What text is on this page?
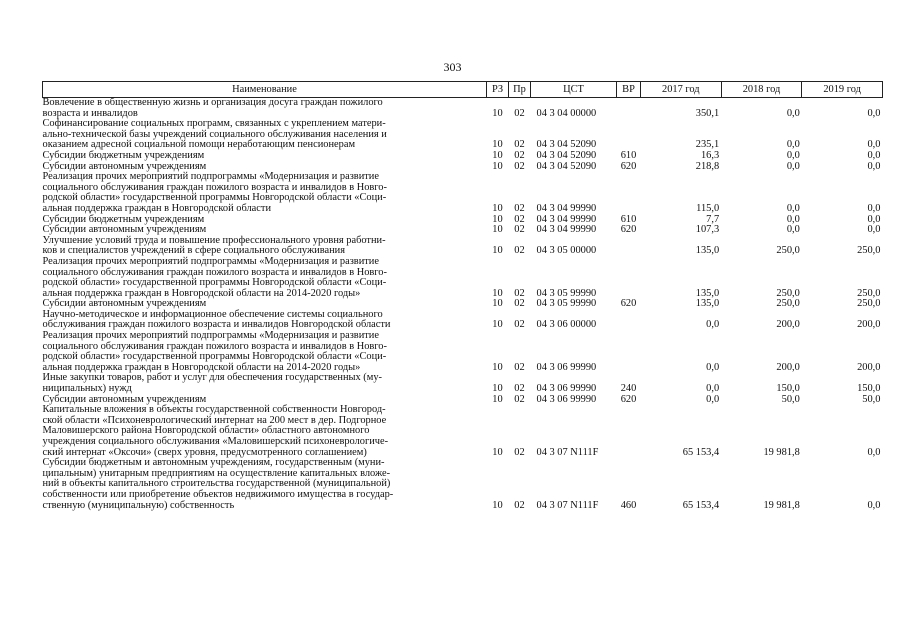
303
Наименование	РЗ	Пр	ЦСТ	ВР	2017 год	2018 год	2019 год

Вовлечение в общественную жизнь и организация досуга граждан пожилого
возраста и инвалидов	10	02	04 3 04 00000		350,1	0,0	0,0

Софинансирование социальных программ, связанных с укреплением матери-
ально-технической базы учреждений социального обслуживания населения и
оказанием адресной социальной помощи неработающим пенсионерам	10	02	04 3 04 52090		235,1	0,0	0,0

Субсидии бюджетным учреждениям	10	02	04 3 04 52090	610	16,3	0,0	0,0

Субсидии автономным учреждениям	10	02	04 3 04 52090	620	218,8	0,0	0,0

Реализация прочих мероприятий подпрограммы «Модернизация и развитие
социального обслуживания граждан пожилого возраста и инвалидов в Новго-
родской области» государственной программы Новгородской области «Соци-
альная поддержка граждан в Новгородской области	10	02	04 3 04 99990		115,0	0,0	0,0

Субсидии бюджетным учреждениям	10	02	04 3 04 99990	610	7,7	0,0	0,0

Субсидии автономным учреждениям	10	02	04 3 04 99990	620	107,3	0,0	0,0

Улучшение условий труда и повышение профессионального уровня работни-
ков и специалистов учреждений в сфере социального обслуживания	10	02	04 3 05 00000		135,0	250,0	250,0

Реализация прочих мероприятий подпрограммы «Модернизация и развитие
социального обслуживания граждан пожилого возраста и инвалидов в Новго-
родской области» государственной программы Новгородской области «Соци-
альная поддержка граждан в Новгородской области на 2014-2020 годы»	10	02	04 3 05 99990		135,0	250,0	250,0

Субсидии автономным учреждениям	10	02	04 3 05 99990	620	135,0	250,0	250,0

Научно-методическое и информационное обеспечение системы социального
обслуживания граждан пожилого возраста и инвалидов Новгородской области	10	02	04 3 06 00000		0,0	200,0	200,0

Реализация прочих мероприятий подпрограммы «Модернизация и развитие
социального обслуживания граждан пожилого возраста и инвалидов в Новго-
родской области» государственной программы Новгородской области «Соци-
альная поддержка граждан в Новгородской области на 2014-2020 годы»	10	02	04 3 06 99990		0,0	200,0	200,0

Иные закупки товаров, работ и услуг для обеспечения государственных (му-
ниципальных) нужд	10	02	04 3 06 99990	240	0,0	150,0	150,0

Субсидии автономным учреждениям	10	02	04 3 06 99990	620	0,0	50,0	50,0

Капитальные вложения в объекты государственной собственности Новгород-
ской области «Психоневрологический интернат на 200 мест в дер. Подгорное
Маловишерского района Новгородской области» областного автономного
учреждения социального обслуживания «Маловишерский психоневрологиче-
ский интернат «Оксочи» (сверх уровня, предусмотренного соглашением)	10	02	04 3 07 N111F		65 153,4	19 981,8	0,0

Субсидии бюджетным и автономным учреждениям, государственным (муни-
ципальным) унитарным предприятиям на осуществление капитальных вложе-
ний в объекты капитального строительства государственной (муниципальной)
собственности или приобретение объектов недвижимого имущества в государ-
ственную (муниципальную) собственность	10	02	04 3 07 N111F	460	65 153,4	19 981,8	0,0
